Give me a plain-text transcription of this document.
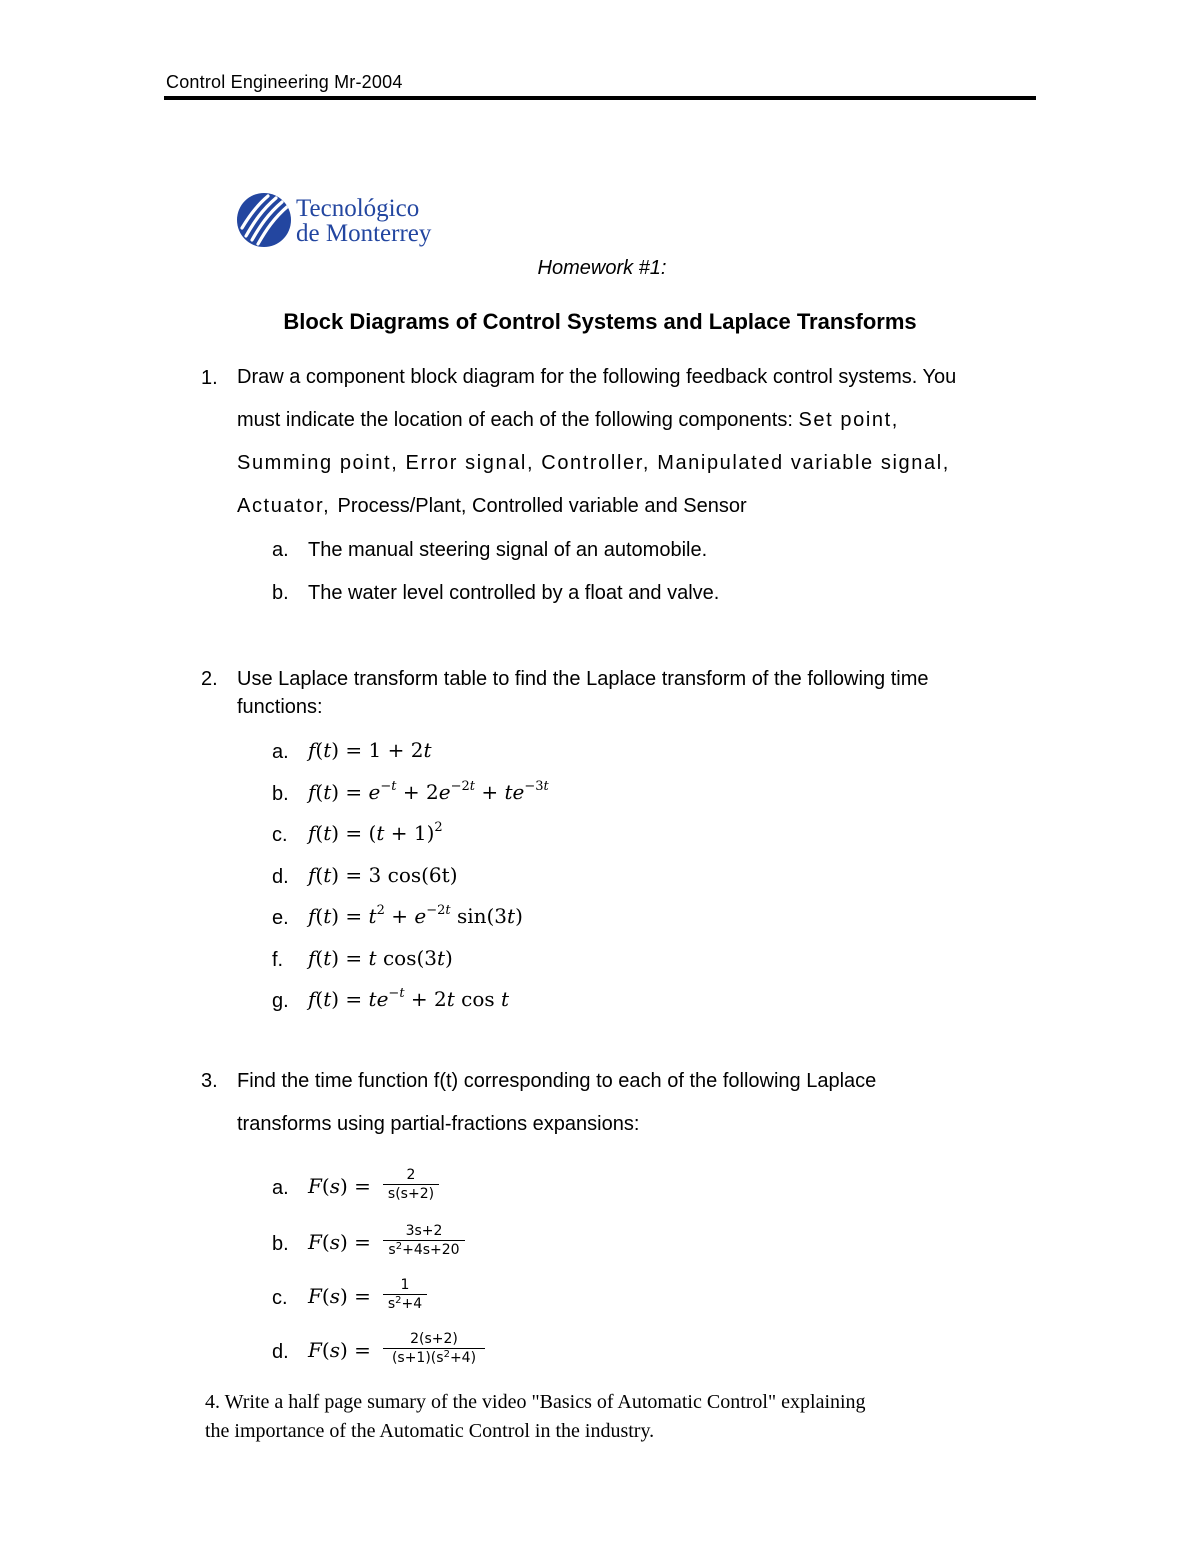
Control Engineering Mr-2004
Tecnológico
de Monterrey
Homework #1:
Block Diagrams of Control Systems and Laplace Transforms
1. Draw a component block diagram for the following feedback control systems. You
must indicate the location of each of the following components: Set point,
Summing point, Error signal, Controller, Manipulated variable signal,
Actuator, Process/Plant, Controlled variable and Sensor
a. The manual steering signal of an automobile.
b. The water level controlled by a float and valve.
2. Use Laplace transform table to find the Laplace transform of the following time
functions:
a. f(t) = 1 + 2t
b. $f(t) = e^{-t} + 2e^{-2t} + te^{-3t}$
c. $f(t) = (t + 1)^2$
d. f(t) = 3 cos(6t)
e. $f(t) = t^2 + e^{-2t}$ sin(3t)
f. f(t) = t cos(3t)
g. $f(t) = te^{-t} + 2t$ cos t
3. Find the time function f(t) corresponding to each of the following Laplace
transforms using partial-fractions expansions:
a. F(s) =	2
s(s+2)
b. F(s) =	3s+2
$s^2+4s+20$
c. F(s) =	1
$s^2+4$
d. F(s) =	2(s+2)
$(s+1)(s^2+4)$
4. Write a half page sumary of the video "Basics of Automatic Control" explaining the importance of the Automatic Control in the industry.
